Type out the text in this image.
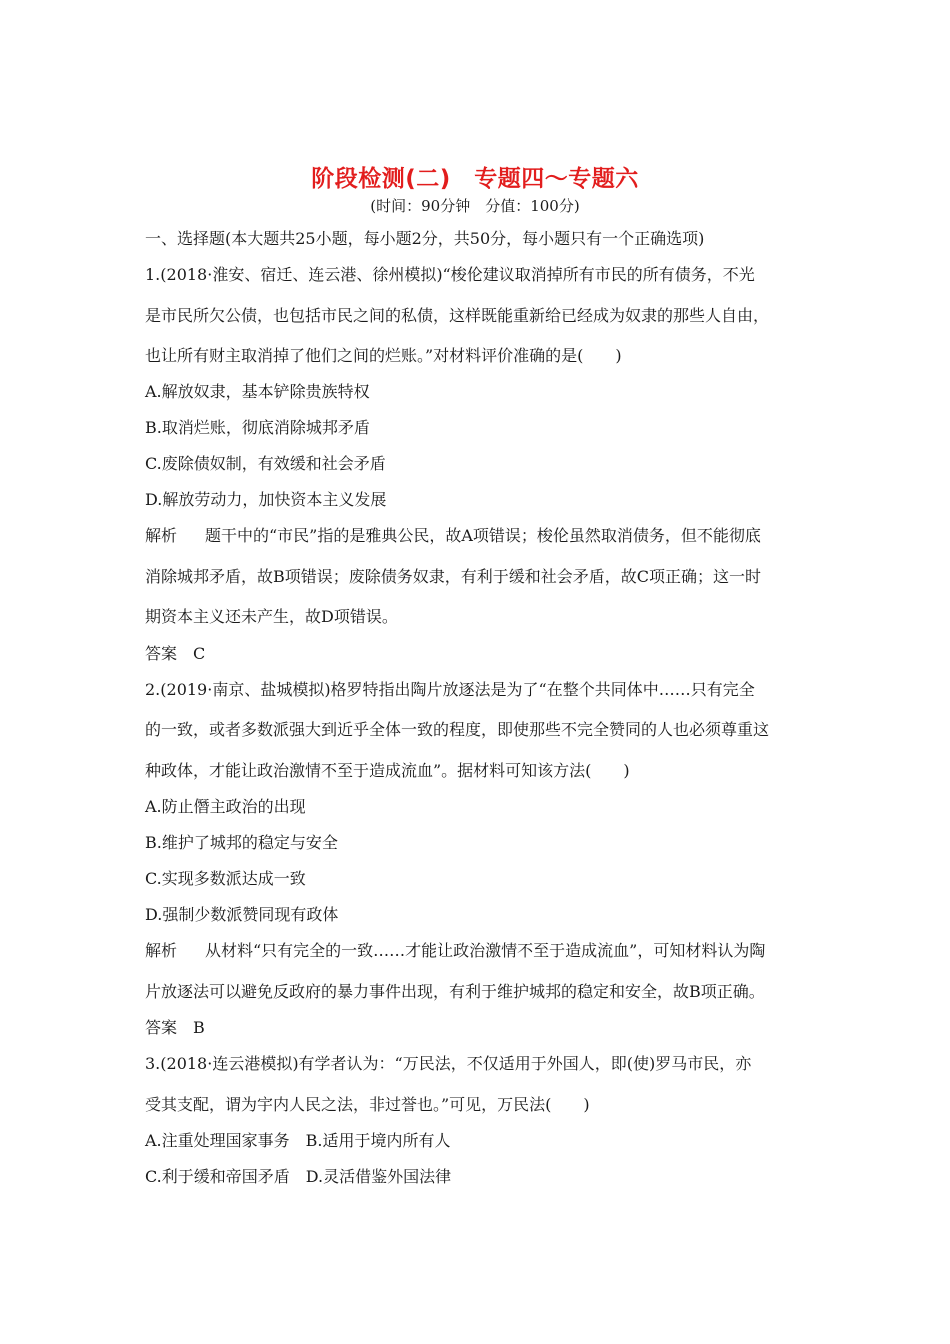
阶段检测(二)　专题四～专题六
(时间：90分钟　分值：100分)
一、选择题(本大题共25小题，每小题2分，共50分，每小题只有一个正确选项)
1.(2018·淮安、宿迁、连云港、徐州模拟)“梭伦建议取消掉所有市民的所有债务，不光
是市民所欠公债，也包括市民之间的私债，这样既能重新给已经成为奴隶的那些人自由，
也让所有财主取消掉了他们之间的烂账。”对材料评价准确的是(　　)
A.解放奴隶，基本铲除贵族特权
B.取消烂账，彻底消除城邦矛盾
C.废除债奴制，有效缓和社会矛盾
D.解放劳动力，加快资本主义发展
解析 题干中的“市民”指的是雅典公民，故A项错误；梭伦虽然取消债务，但不能彻底
消除城邦矛盾，故B项错误；废除债务奴隶，有利于缓和社会矛盾，故C项正确；这一时
期资本主义还未产生，故D项错误。
答案 C
2.(2019·南京、盐城模拟)格罗特指出陶片放逐法是为了“在整个共同体中……只有完全
的一致，或者多数派强大到近乎全体一致的程度，即使那些不完全赞同的人也必须尊重这
种政体，才能让政治激情不至于造成流血”。据材料可知该方法(　　)
A.防止僭主政治的出现
B.维护了城邦的稳定与安全
C.实现多数派达成一致
D.强制少数派赞同现有政体
解析 从材料“只有完全的一致……才能让政治激情不至于造成流血”，可知材料认为陶
片放逐法可以避免反政府的暴力事件出现，有利于维护城邦的稳定和安全，故B项正确。
答案 B
3.(2018·连云港模拟)有学者认为：“万民法，不仅适用于外国人，即(使)罗马市民，亦
受其支配，谓为宇内人民之法，非过誉也。”可见，万民法(　　)
A.注重处理国家事务　B.适用于境内所有人
C.利于缓和帝国矛盾　D.灵活借鉴外国法律
